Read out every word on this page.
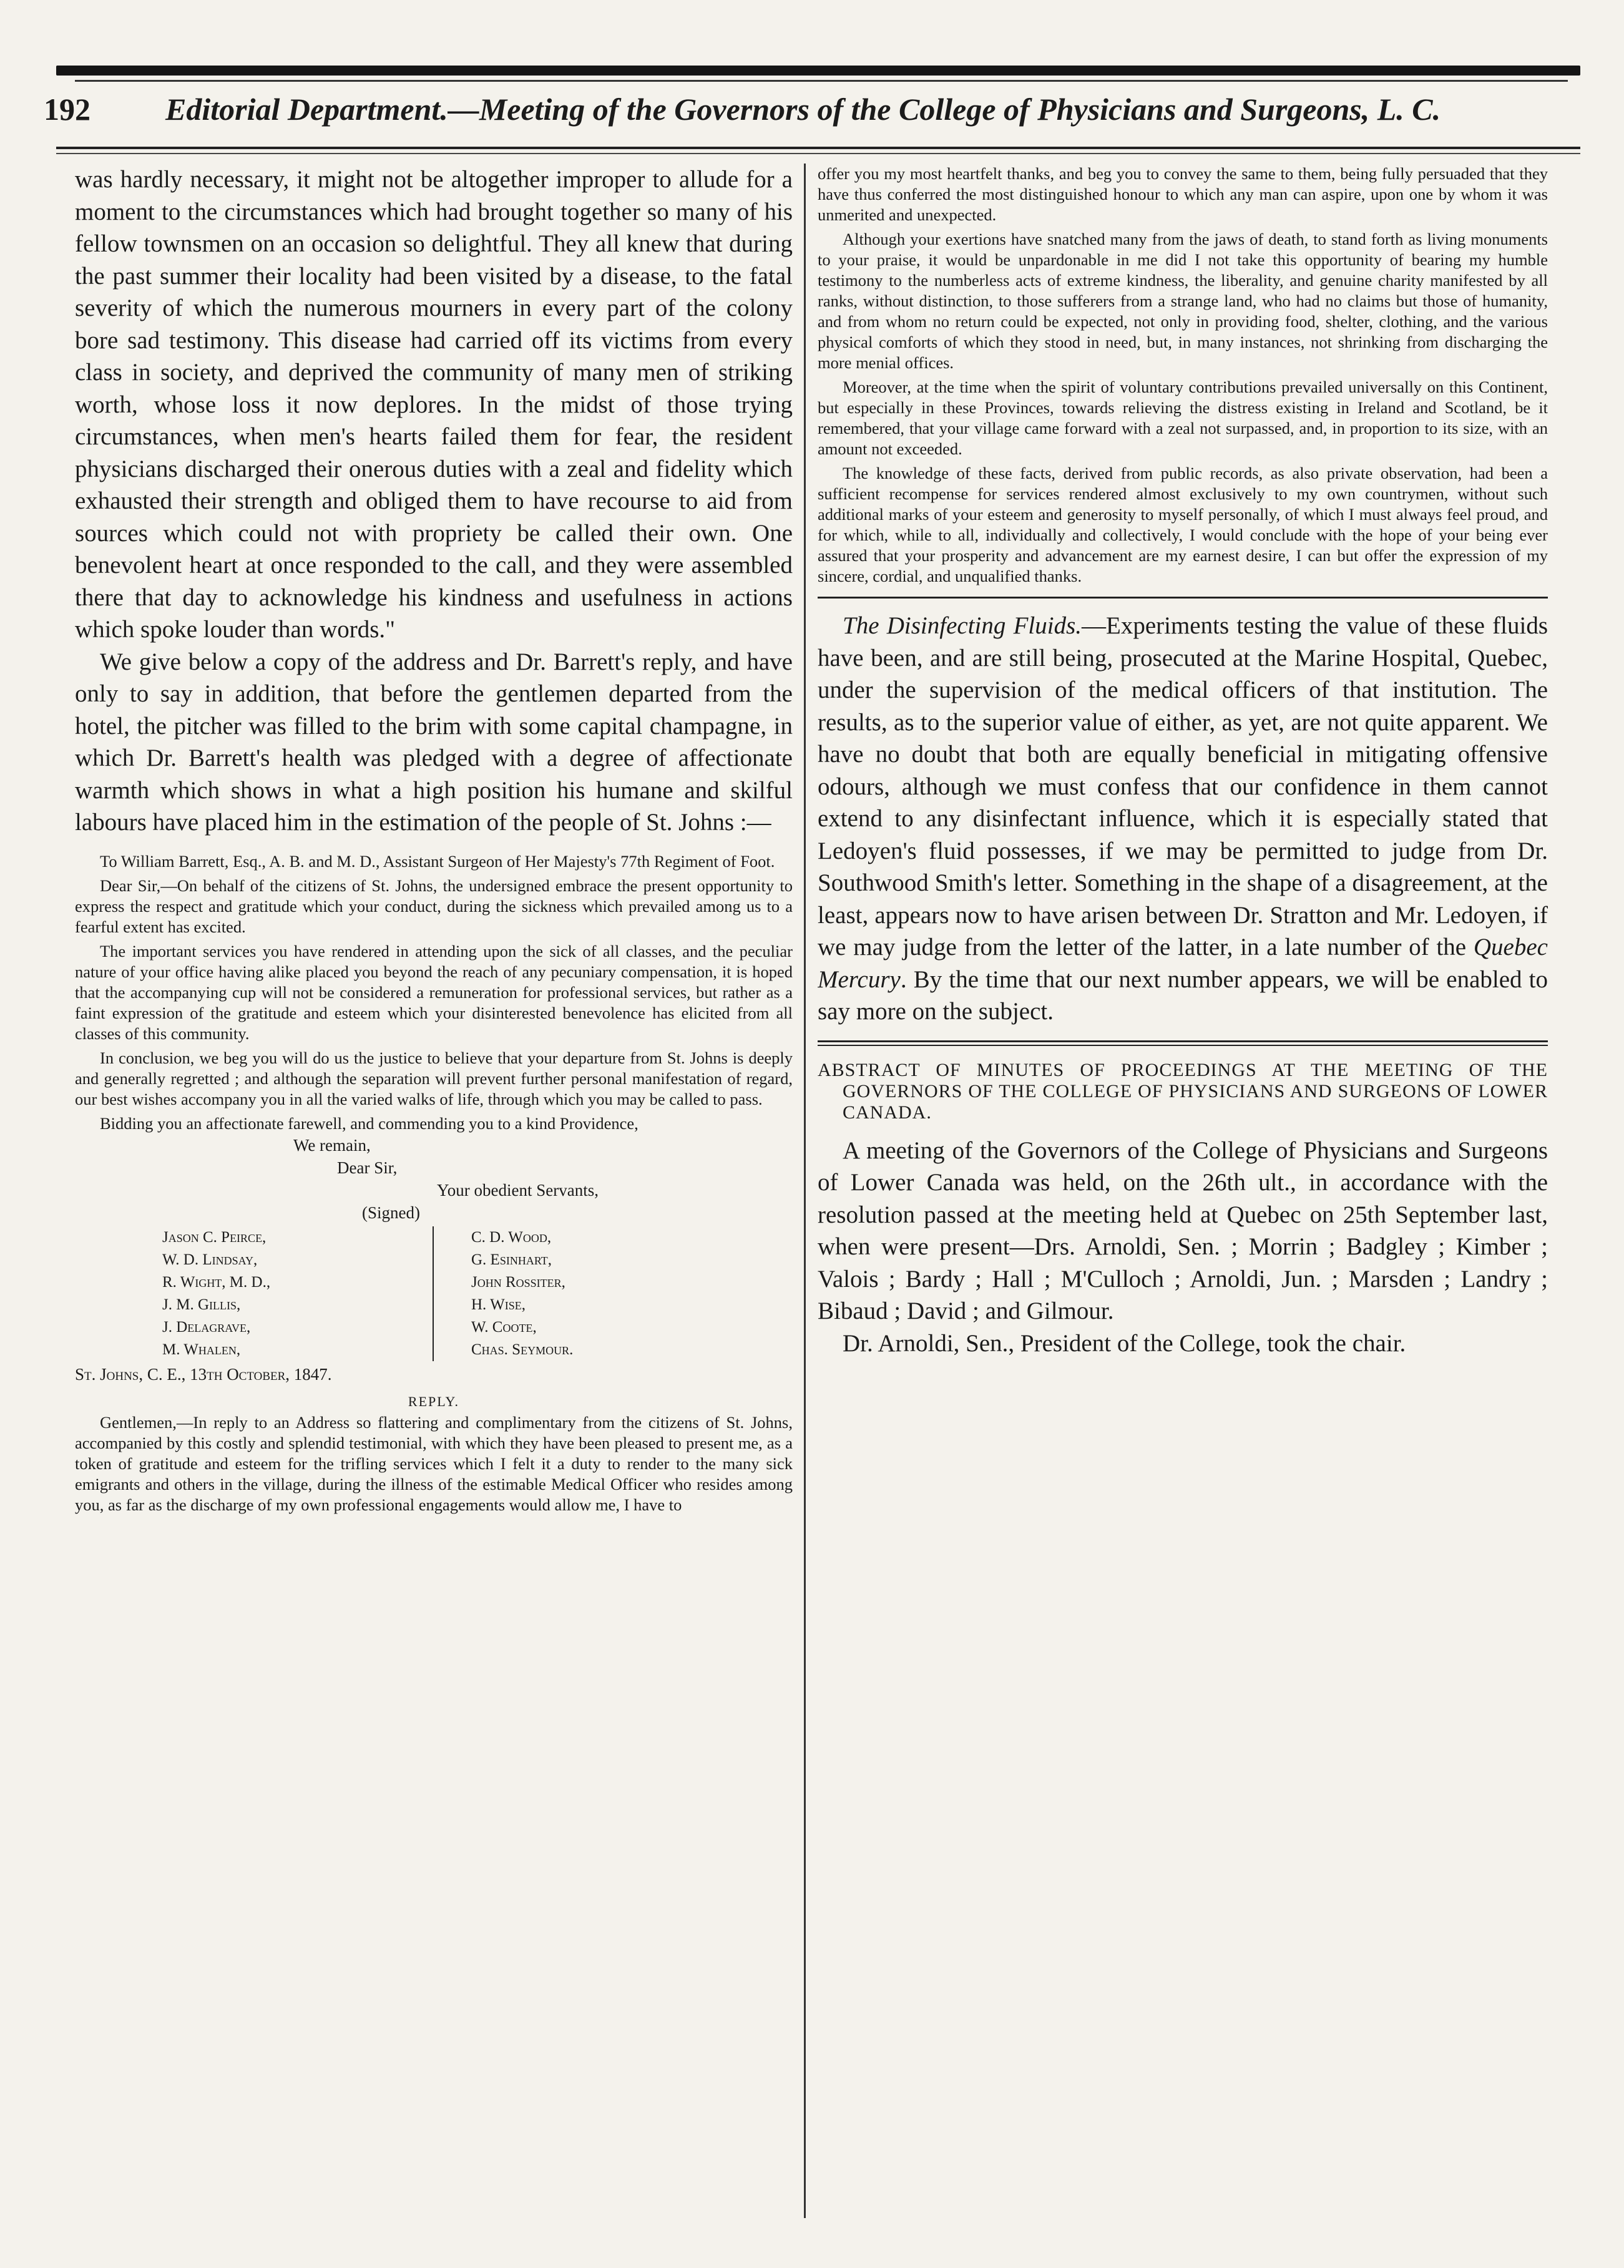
192 Editorial Department.—Meeting of the Governors of the College of Physicians and Surgeons, L. C.

was hardly necessary, it might not be altogether improper to allude for a moment to the circumstances which had brought together so many of his fellow townsmen on an occasion so delightful. They all knew that during the past summer their locality had been visited by a disease, to the fatal severity of which the numerous mourners in every part of the colony bore sad testimony. This disease had carried off its victims from every class in society, and deprived the community of many men of striking worth, whose loss it now deplores. In the midst of those trying circumstances, when men's hearts failed them for fear, the resident physicians discharged their onerous duties with a zeal and fidelity which exhausted their strength and obliged them to have recourse to aid from sources which could not with propriety be called their own. One benevolent heart at once responded to the call, and they were assembled there that day to acknowledge his kindness and usefulness in actions which spoke louder than words."

We give below a copy of the address and Dr. Barrett's reply, and have only to say in addition, that before the gentlemen departed from the hotel, the pitcher was filled to the brim with some capital champagne, in which Dr. Barrett's health was pledged with a degree of affectionate warmth which shows in what a high position his humane and skilful labours have placed him in the estimation of the people of St. Johns :—

To William Barrett, Esq., A. B. and M. D., Assistant Surgeon of Her Majesty's 77th Regiment of Foot.

Dear Sir,—On behalf of the citizens of St. Johns, the undersigned embrace the present opportunity to express the respect and gratitude which your conduct, during the sickness which prevailed among us to a fearful extent has excited.

The important services you have rendered in attending upon the sick of all classes, and the peculiar nature of your office having alike placed you beyond the reach of any pecuniary compensation, it is hoped that the accompanying cup will not be considered a remuneration for professional services, but rather as a faint expression of the gratitude and esteem which your disinterested benevolence has elicited from all classes of this community.

In conclusion, we beg you will do us the justice to believe that your departure from St. Johns is deeply and generally regretted ; and although the separation will prevent further personal manifestation of regard, our best wishes accompany you in all the varied walks of life, through which you may be called to pass.

Bidding you an affectionate farewell, and commending you to a kind Providence,

We remain,
Dear Sir,
Your obedient Servants,
(Signed)
Jason C. Peirce,
W. D. Lindsay,
R. Wight, M. D.,
J. M. Gillis,
J. Delagrave,
M. Whalen,
C. D. Wood,
G. Esinhart,
John Rossiter,
H. Wise,
W. Coote,
Chas. Seymour.
St. Johns, C. E., 13th October, 1847.
REPLY.

Gentlemen,—In reply to an Address so flattering and complimentary from the citizens of St. Johns, accompanied by this costly and splendid testimonial, with which they have been pleased to present me, as a token of gratitude and esteem for the trifling services which I felt it a duty to render to the many sick emigrants and others in the village, during the illness of the estimable Medical Officer who resides among you, as far as the discharge of my own professional engagements would allow me, I have to

offer you my most heartfelt thanks, and beg you to convey the same to them, being fully persuaded that they have thus conferred the most distinguished honour to which any man can aspire, upon one by whom it was unmerited and unexpected.

Although your exertions have snatched many from the jaws of death, to stand forth as living monuments to your praise, it would be unpardonable in me did I not take this opportunity of bearing my humble testimony to the numberless acts of extreme kindness, the liberality, and genuine charity manifested by all ranks, without distinction, to those sufferers from a strange land, who had no claims but those of humanity, and from whom no return could be expected, not only in providing food, shelter, clothing, and the various physical comforts of which they stood in need, but, in many instances, not shrinking from discharging the more menial offices.

Moreover, at the time when the spirit of voluntary contributions prevailed universally on this Continent, but especially in these Provinces, towards relieving the distress existing in Ireland and Scotland, be it remembered, that your village came forward with a zeal not surpassed, and, in proportion to its size, with an amount not exceeded.

The knowledge of these facts, derived from public records, as also private observation, had been a sufficient recompense for services rendered almost exclusively to my own countrymen, without such additional marks of your esteem and generosity to myself personally, of which I must always feel proud, and for which, while to all, individually and collectively, I would conclude with the hope of your being ever assured that your prosperity and advancement are my earnest desire, I can but offer the expression of my sincere, cordial, and unqualified thanks.

The Disinfecting Fluids.—Experiments testing the value of these fluids have been, and are still being, prosecuted at the Marine Hospital, Quebec, under the supervision of the medical officers of that institution. The results, as to the superior value of either, as yet, are not quite apparent. We have no doubt that both are equally beneficial in mitigating offensive odours, although we must confess that our confidence in them cannot extend to any disinfectant influence, which it is especially stated that Ledoyen's fluid possesses, if we may be permitted to judge from Dr. Southwood Smith's letter. Something in the shape of a disagreement, at the least, appears now to have arisen between Dr. Stratton and Mr. Ledoyen, if we may judge from the letter of the latter, in a late number of the Quebec Mercury. By the time that our next number appears, we will be enabled to say more on the subject.

ABSTRACT OF MINUTES OF PROCEEDINGS AT THE MEETING OF THE GOVERNORS OF THE COLLEGE OF PHYSICIANS AND SURGEONS OF LOWER CANADA.

A meeting of the Governors of the College of Physicians and Surgeons of Lower Canada was held, on the 26th ult., in accordance with the resolution passed at the meeting held at Quebec on 25th September last, when were present—Drs. Arnoldi, Sen. ; Morrin ; Badgley ; Kimber ; Valois ; Bardy ; Hall ; M'Culloch ; Arnoldi, Jun. ; Marsden ; Landry ; Bibaud ; David ; and Gilmour.

Dr. Arnoldi, Sen., President of the College, took the chair.
